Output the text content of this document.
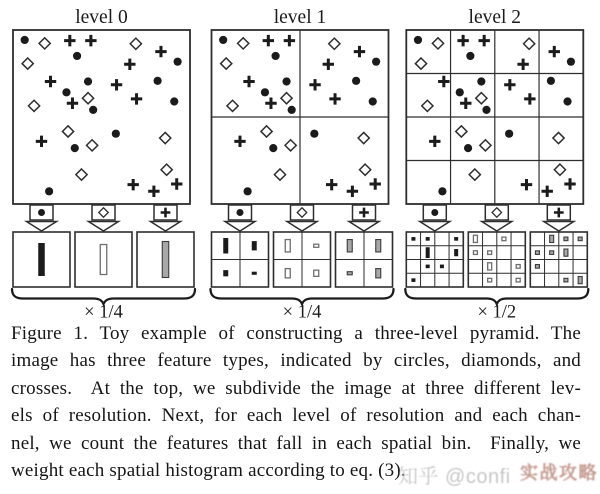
level 0
× 1/4
level 1
× 1/4
level 2
× 1/2
Figure 1. Toy example of constructing a three-level pyramid. The
image has three feature types, indicated by circles, diamonds, and
crosses.  At the top, we subdivide the image at three different lev-
els of resolution. Next, for each level of resolution and each chan-
nel, we count the features that fall in each spatial bin.  Finally, we
weight each spatial histogram according to eq. (3).
知乎 @confi 实战攻略
